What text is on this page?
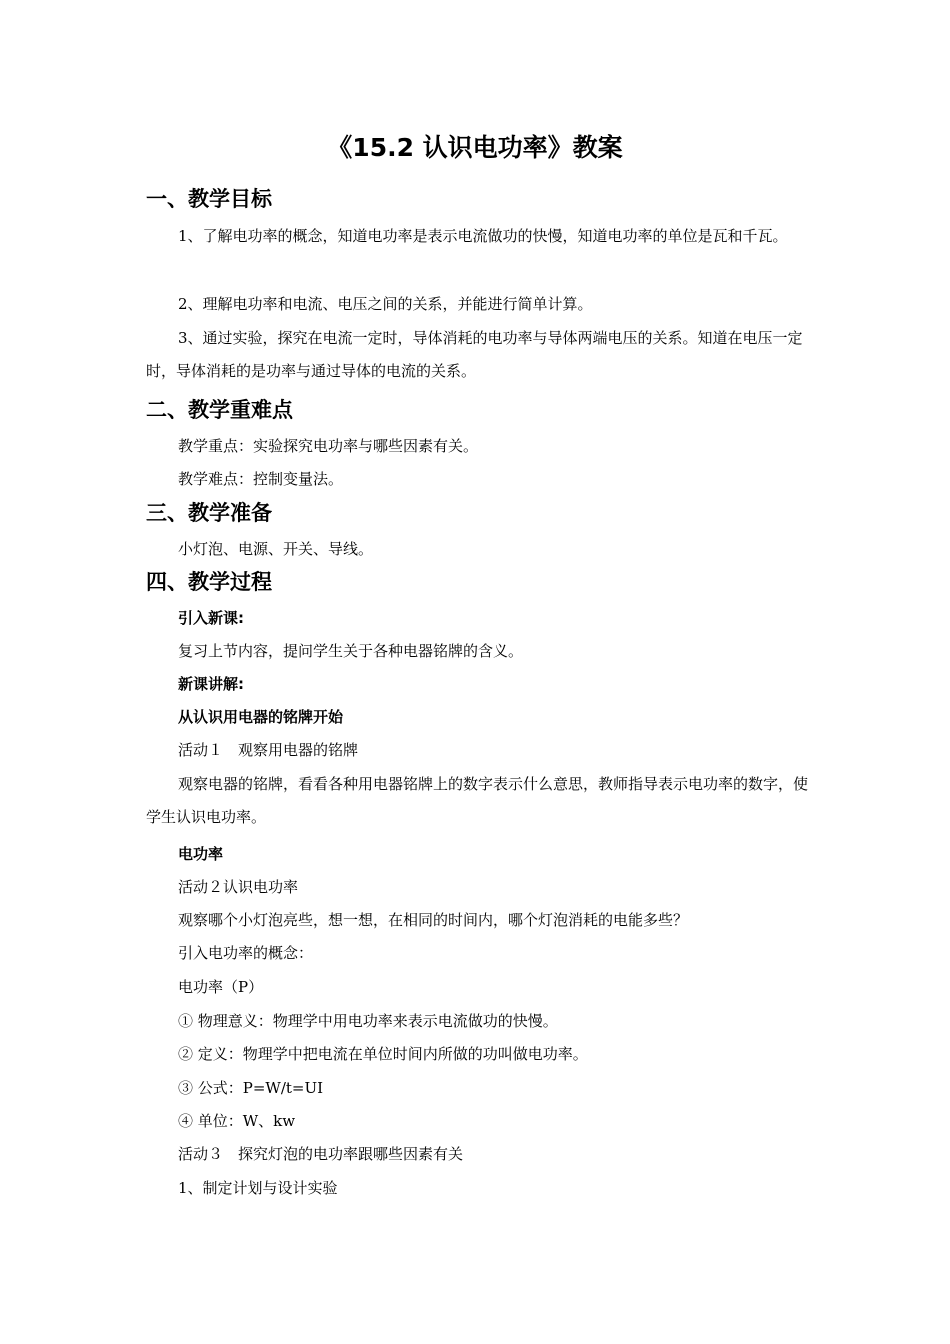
《15.2 认识电功率》教案
一、教学目标

1、了解电功率的概念，知道电功率是表示电流做功的快慢，知道电功率的单位是瓦和千瓦。

2、理解电功率和电流、电压之间的关系，并能进行简单计算。

3、通过实验，探究在电流一定时，导体消耗的电功率与导体两端电压的关系。知道在电压一定时，导体消耗的是功率与通过导体的电流的关系。

二、教学重难点

教学重点：实验探究电功率与哪些因素有关。

教学难点：控制变量法。

三、教学准备

小灯泡、电源、开关、导线。

四、教学过程

引入新课:

复习上节内容，提问学生关于各种电器铭牌的含义。

新课讲解:

从认识用电器的铭牌开始

活动１　观察用电器的铭牌

观察电器的铭牌，看看各种用电器铭牌上的数字表示什么意思，教师指导表示电功率的数字，使学生认识电功率。

电功率

活动２认识电功率

观察哪个小灯泡亮些，想一想，在相同的时间内，哪个灯泡消耗的电能多些？

引入电功率的概念：

电功率（P）

① 物理意义：物理学中用电功率来表示电流做功的快慢。

② 定义：物理学中把电流在单位时间内所做的功叫做电功率。

③ 公式：P=W/t=UI

④ 单位：W、kw

活动３　探究灯泡的电功率跟哪些因素有关

1、制定计划与设计实验
